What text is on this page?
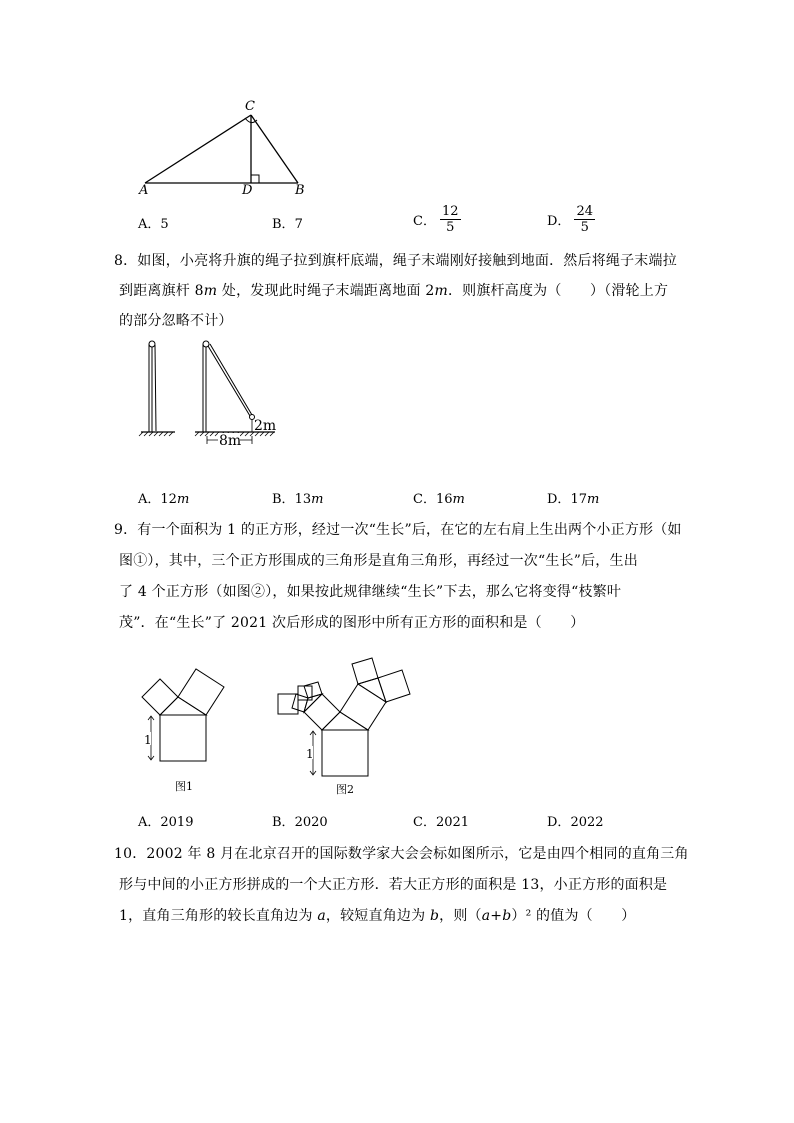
C
A	D	B
A．5	B．7	C． $\frac{12}{5}$	D． $\frac{24}{5}$
8．如图，小亮将升旗的绳子拉到旗杆底端，绳子末端刚好接触到地面．然后将绳子末端拉
到距离旗杆 8m 处，发现此时绳子末端距离地面 2m．则旗杆高度为（　　）（滑轮上方
的部分忽略不计）
2m
8m
A．12m	B．13m	C．16m	D．17m
9．有一个面积为 1 的正方形，经过一次“生长”后，在它的左右肩上生出两个小正方形（如
图①），其中，三个正方形围成的三角形是直角三角形，再经过一次“生长”后，生出
了 4 个正方形（如图②），如果按此规律继续“生长”下去，那么它将变得“枝繁叶
茂”．在“生长”了 2021 次后形成的图形中所有正方形的面积和是（　　）
1
图1
1
图2
A．2019	B．2020	C．2021	D．2022
10．2002 年 8 月在北京召开的国际数学家大会会标如图所示，它是由四个相同的直角三角
形与中间的小正方形拼成的一个大正方形．若大正方形的面积是 13，小正方形的面积是
1，直角三角形的较长直角边为 a，较短直角边为 b，则（a+b）² 的值为（　　）
